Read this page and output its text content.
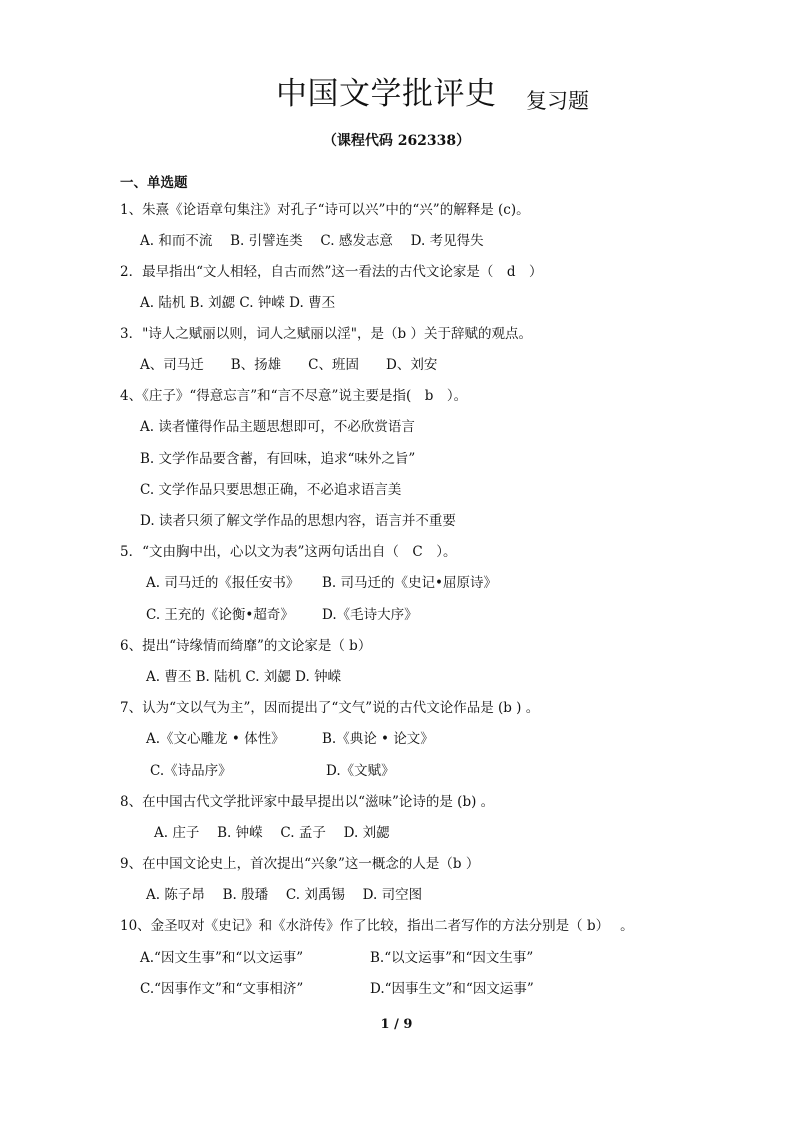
中国文学批评史 复习题
（课程代码 262338）
一、单选题
1、朱熹《论语章句集注》对孔子“诗可以兴”中的“兴”的解释是 (c)。
A. 和而不流　 B. 引譬连类　 C. 感发志意　 D. 考见得失
2．最早指出“文人相轻，自古而然”这一看法的古代文论家是（　d　）
A. 陆机 B. 刘勰 C. 钟嵘 D. 曹丕
3．"诗人之赋丽以则，词人之赋丽以淫"，是（b ）关于辞赋的观点。
A、司马迁　　B、扬雄　　C、班固　　D、刘安
4、《庄子》“得意忘言”和“言不尽意”说主要是指(　b　）。
A. 读者懂得作品主题思想即可，不必欣赏语言
B. 文学作品要含蓄，有回味，追求“味外之旨”
C. 文学作品只要思想正确，不必追求语言美
D. 读者只须了解文学作品的思想内容，语言并不重要
5．“文由胸中出，心以文为表”这两句话出自（　C　）。
A. 司马迁的《报任安书》 B. 司马迁的《史记•屈原诗》
C. 王充的《论衡•超奇》 D.《毛诗大序》
6、提出“诗缘情而绮靡”的文论家是（ b）
A. 曹丕 B. 陆机 C. 刘勰 D. 钟嵘
7、认为“文以气为主”，因而提出了“文气”说的古代文论作品是 (b ) 。
A.《文心雕龙 • 体性》	B.《典论 • 论文》
C.《诗品序》	D.《文赋》
8、在中国古代文学批评家中最早提出以“滋味”论诗的是 (b) 。
A. 庄子　 B. 钟嵘　 C. 孟子　 D. 刘勰
9、在中国文论史上，首次提出“兴象”这一概念的人是（b ）
A. 陈子昂　 B. 殷璠　 C. 刘禹锡　 D. 司空图
10、金圣叹对《史记》和《水浒传》作了比较，指出二者写作的方法分别是（ b）　 。
A.“因文生事”和“以文运事”	B.“以文运事”和“因文生事”
C.“因事作文”和“文事相济”	D.“因事生文”和“因文运事”
1 / 9
